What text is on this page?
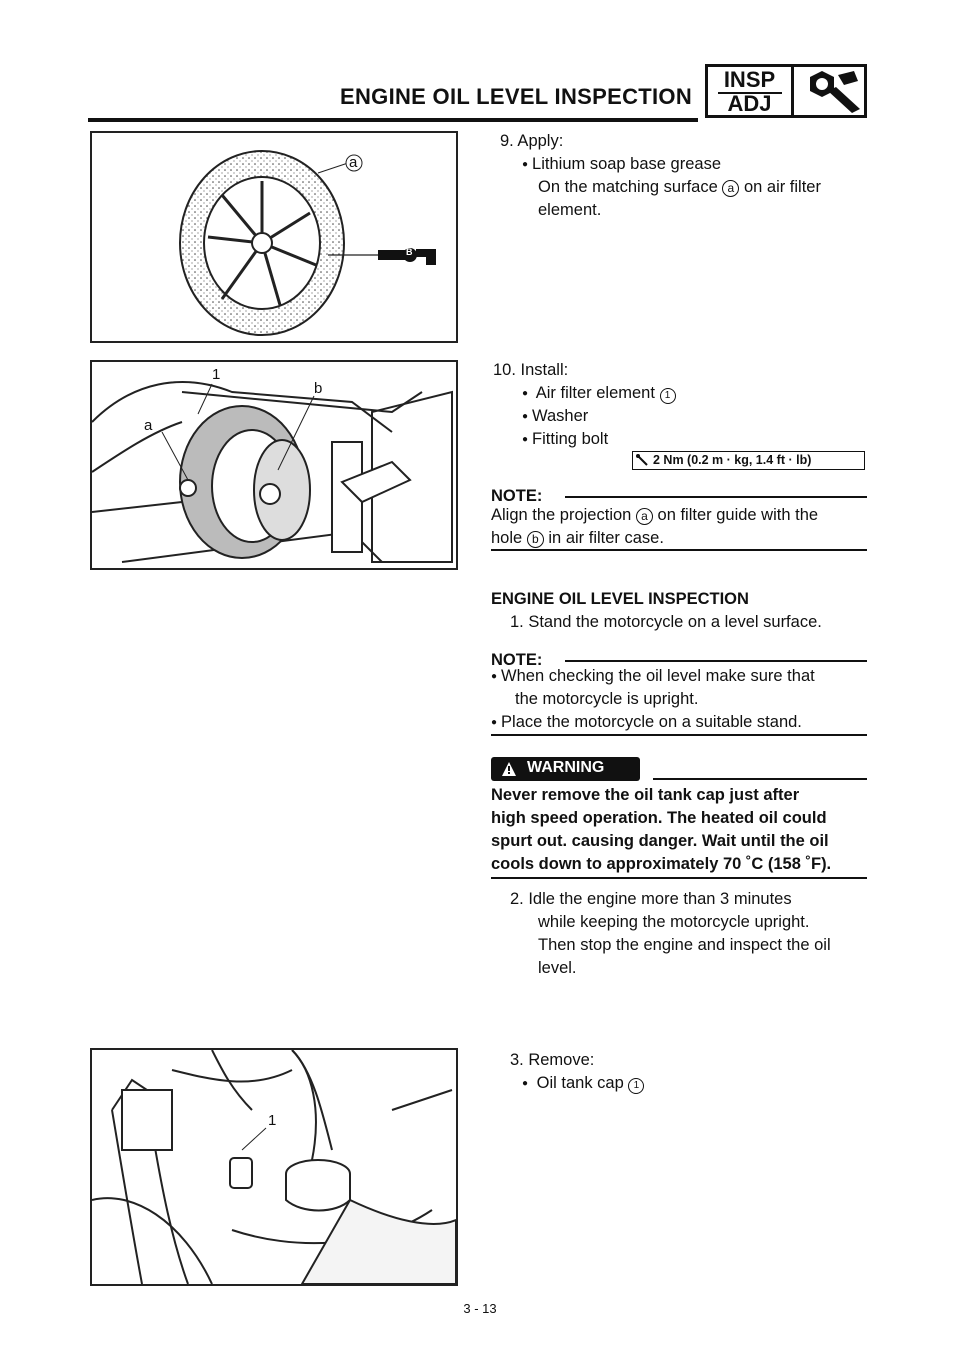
ENGINE OIL LEVEL INSPECTION
INSP
ADJ
a
B
1
b
a
1
9. Apply:
● Lithium soap base grease
On the matching surface a on air filter
element.
10. Install:
● Air filter element 1
● Washer
● Fitting bolt
2 Nm (0.2 m · kg, 1.4 ft · lb)
NOTE:
Align the projection a on filter guide with the
hole b in air filter case.
ENGINE OIL LEVEL INSPECTION
1. Stand the motorcycle on a level surface.
NOTE:
● When checking the oil level make sure that
the motorcycle is upright.
● Place the motorcycle on a suitable stand.
WARNING
Never remove the oil tank cap just after
high speed operation. The heated oil could
spurt out. causing danger. Wait until the oil
cools down to approximately 70 ˚C (158 ˚F).
2. Idle the engine more than 3 minutes
while keeping the motorcycle upright.
Then stop the engine and inspect the oil
level.
3. Remove:
● Oil tank cap 1
3 - 13
